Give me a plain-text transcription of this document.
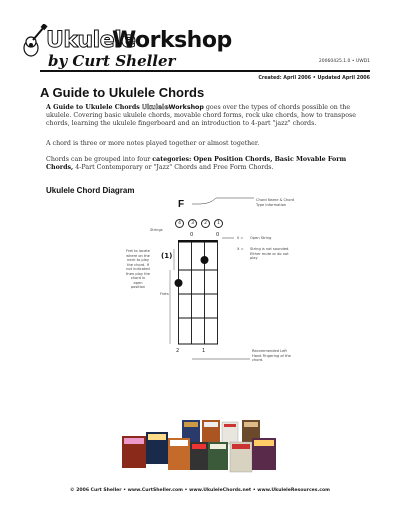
Ukulele
Workshop
by Curt Sheller	20060425.1.0 • UWD1
Created: April 2006 • Updated April 2006
A Guide to Ukulele Chords
A Guide to Ukulele Chords UkuleleWorkshop goes over the types of chords possible on the ukulele. Covering basic ukulele chords, movable chord forms, rock uke chords, how to transpose chords, learning the ukulele fingerboard and an introduction to 4-part "jazz" chords.
A chord is three or more notes played together or almost together.
Chords can be grouped into four categories: Open Position Chords, Basic Movable Form Chords, 4-Part Contemporary or "Jazz" Chords and Free Form Chords.
Ukulele Chord Diagram
F	Chord Name & Chord Type Information
Strings
4	3	2	1
0	0	0 = Open String
X = String is not sounded. Either mute or do not play
(1)
Fret to locate where on the neck to play the chord. If not indicated then play the chord in open position
Frets
2	1	Recommended Left Hand Fingering of the chord.
© 2006 Curt Sheller • www.CurtSheller.com • www.UkuleleChords.net • www.UkuleleResources.com
